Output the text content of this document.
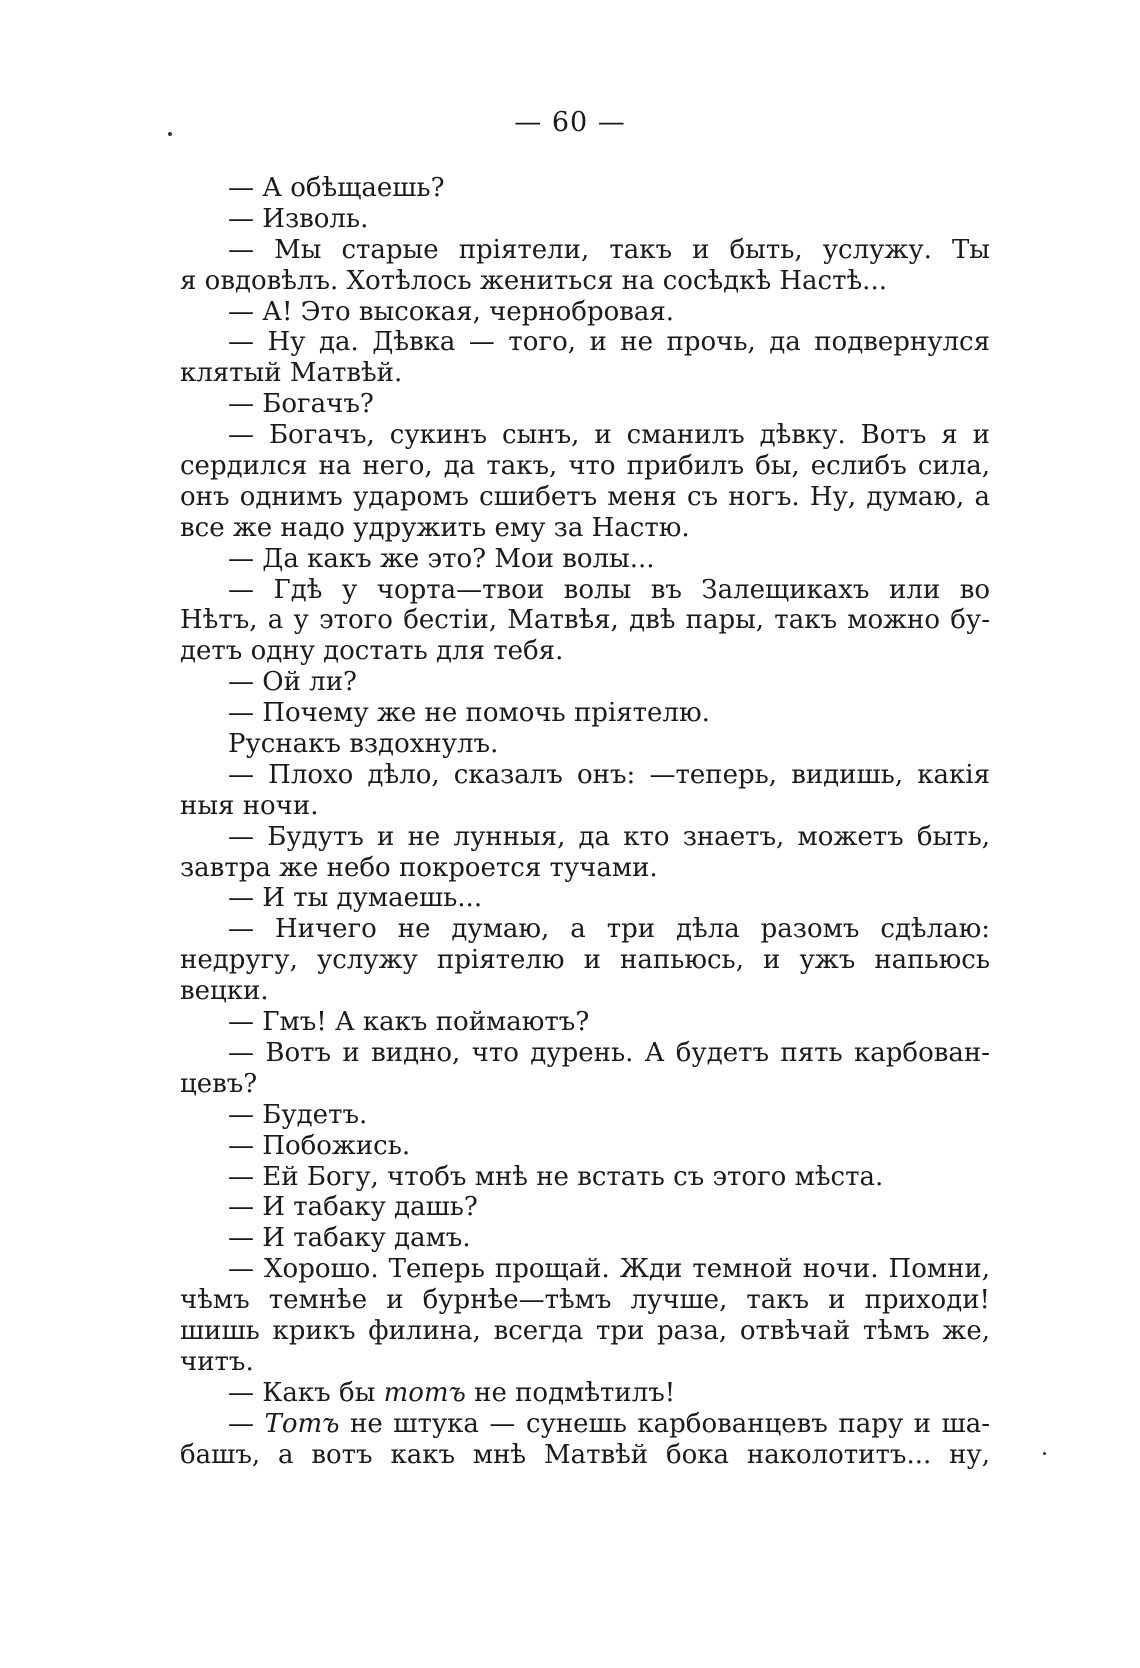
— 60 —
— А обѣщаешь?
— Изволь.
— Мы старые пріятели, такъ и быть, услужу. Ты
я овдовѣлъ. Хотѣлось жениться на сосѣдкѣ Настѣ...
— А! Это высокая, чернобровая.
— Ну да. Дѣвка — того, и не прочь, да подвернулся
клятый Матвѣй.
— Богачъ?
— Богачъ, сукинъ сынъ, и сманилъ дѣвку. Вотъ я и
сердился на него, да такъ, что прибилъ бы, еслибъ сила,
онъ однимъ ударомъ сшибетъ меня съ ногъ. Ну, думаю, а
все же надо удружить ему за Настю.
— Да какъ же это? Мои волы...
— Гдѣ у чорта—твои волы въ Залещикахъ или во
Нѣтъ, а у этого бестіи, Матвѣя, двѣ пары, такъ можно бу-
детъ одну достать для тебя.
— Ой ли?
— Почему же не помочь пріятелю.
Руснакъ вздохнулъ.
— Плохо дѣло, сказалъ онъ: —теперь, видишь, какія
ныя ночи.
— Будутъ и не лунныя, да кто знаетъ, можетъ быть,
завтра же небо покроется тучами.
— И ты думаешь...
— Ничего не думаю, а три дѣла разомъ сдѣлаю:
недругу, услужу пріятелю и напьюсь, и ужъ напьюсь
вецки.
— Гмъ! А какъ поймаютъ?
— Вотъ и видно, что дурень. А будетъ пять карбован-
цевъ?
— Будетъ.
— Побожись.
— Ей Богу, чтобъ мнѣ не встать съ этого мѣста.
— И табаку дашь?
— И табаку дамъ.
— Хорошо. Теперь прощай. Жди темной ночи. Помни,
чѣмъ темнѣе и бурнѣе—тѣмъ лучше, такъ и приходи!
шишь крикъ филина, всегда три раза, отвѣчай тѣмъ же,
читъ.
— Какъ бы тотъ не подмѣтилъ!
— Тотъ не штука — сунешь карбованцевъ пару и ша-
башъ, а вотъ какъ мнѣ Матвѣй бока наколотитъ... ну,
